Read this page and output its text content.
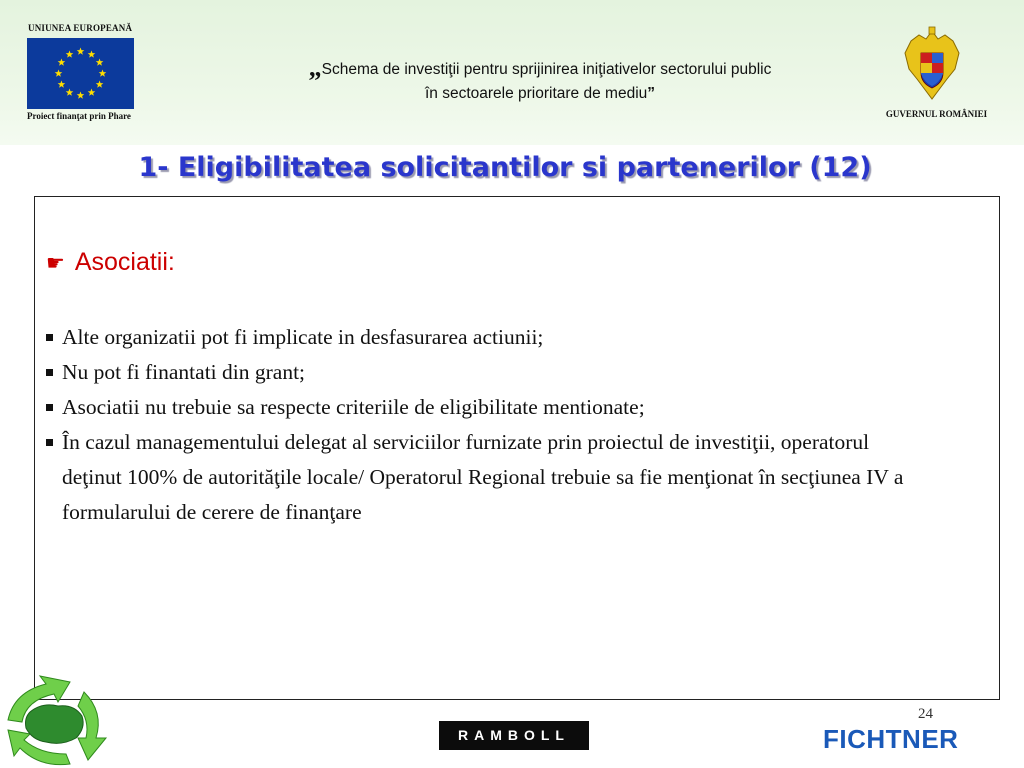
UNIUNEA EUROPEANĂ
Proiect finanţat prin Phare
„Schema de investiţii pentru sprijinirea iniţiativelor sectorului public
în sectoarele prioritare de mediu”
GUVERNUL ROMÂNIEI
1- Eligibilitatea solicitantilor si partenerilor (12)
☛ Asociatii:
Alte organizatii pot fi implicate in desfasurarea actiunii;
Nu pot fi finantati din grant;
Asociatii nu trebuie sa respecte criteriile de eligibilitate mentionate;
În cazul managementului delegat al serviciilor furnizate prin proiectul de investiţii, operatorul deţinut 100% de autorităţile locale/ Operatorul Regional trebuie sa fie menţionat în secţiunea IV a formularului de cerere de finanţare
24
RAMBOLL	FICHTNER
